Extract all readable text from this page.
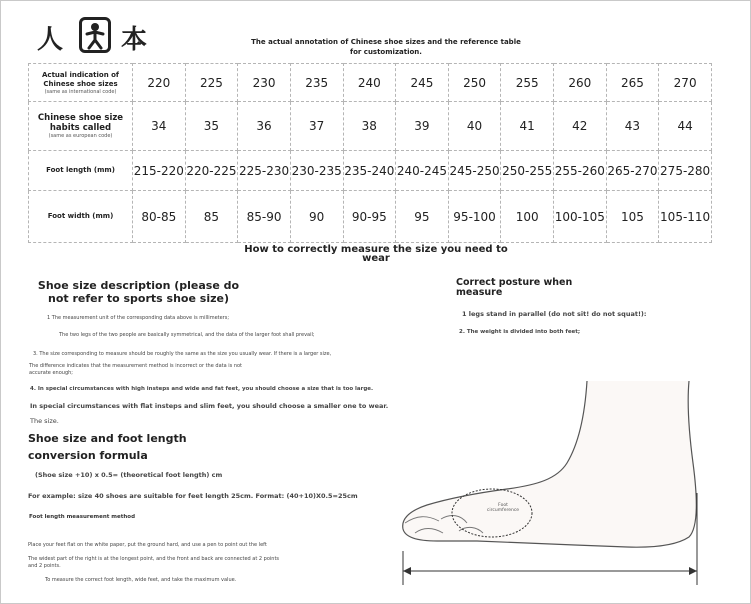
人 本	The actual annotation of Chinese shoe sizes and the reference table for customization.
Actual indication of Chinese shoe sizes
(same as international code)	220	225	230	235	240	245	250	255	260	265	270
Chinese shoe size habits called
(same as european code)	34	35	36	37	38	39	40	41	42	43	44
Foot length (mm)	215-220	220-225	225-230	230-235	235-240	240-245	245-250	250-255	255-260	265-270	275-280
Foot width (mm)	80-85	85	85-90	90	90-95	95	95-100	100	100-105	105	105-110
How to correctly measure the size you need to wear
Shoe size description (please do not refer to sports shoe size)
1 The measurement unit of the corresponding data above is millimeters;
The two legs of the two people are basically symmetrical, and the data of the larger foot shall prevail;
3. The size corresponding to measure should be roughly the same as the size you usually wear. If there is a larger size,
The difference indicates that the measurement method is incorrect or the data is not accurate enough;
4. In special circumstances with high insteps and wide and fat feet, you should choose a size that is too large.
In special circumstances with flat insteps and slim feet, you should choose a smaller one to wear.
The size.
Shoe size and foot length conversion formula
(Shoe size +10) x 0.5= (theoretical foot length) cm
For example: size 40 shoes are suitable for feet length 25cm. Format: (40+10)X0.5=25cm
Foot length measurement method
Place your feet flat on the white paper, put the ground hard, and use a pen to point out the left
The widest part of the right is at the longest point, and the front and back are connected at 2 points and 2 points.
To measure the correct foot length, wide feet, and take the maximum value.
Correct posture when measure
1 legs stand in parallel (do not sit! do not squat!):
2. The weight is divided into both feet;
Foot circumference
